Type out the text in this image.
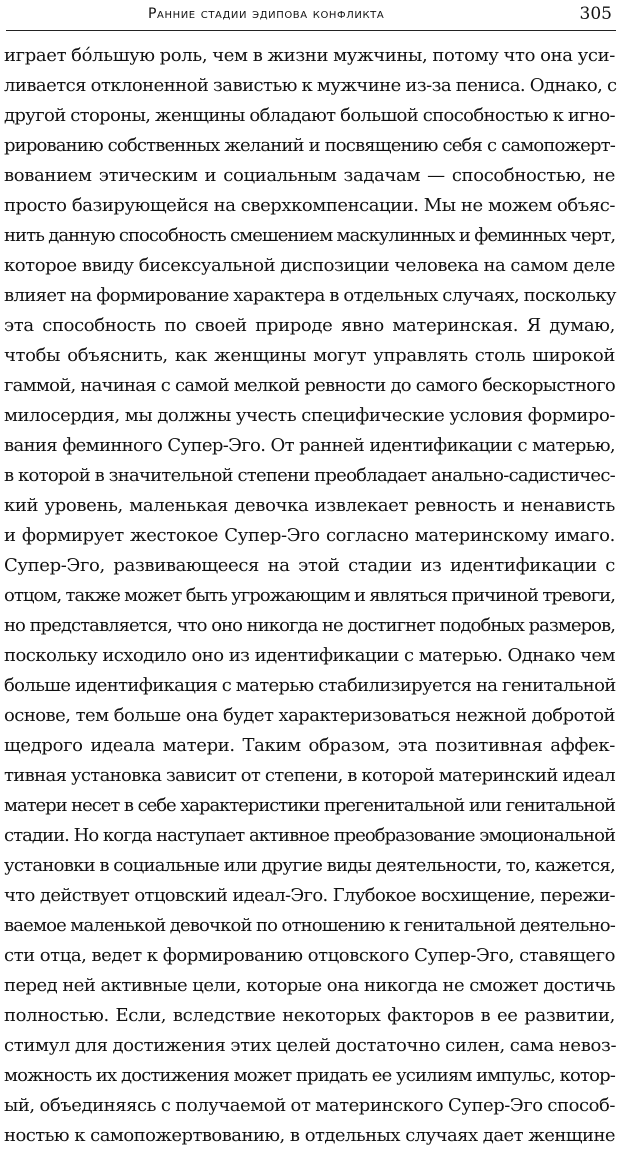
Ранние стадии эдипова конфликта	305
играет бóльшую роль, чем в жизни мужчины, потому что она уси-
ливается отклоненной завистью к мужчине из-за пениса. Однако, с
другой стороны, женщины обладают большой способностью к игно-
рированию собственных желаний и посвящению себя с самопожерт-
вованием этическим и социальным задачам — способностью, не
просто базирующейся на сверхкомпенсации. Мы не можем объяс-
нить данную способность смешением маскулинных и феминных черт,
которое ввиду бисексуальной диспозиции человека на самом деле
влияет на формирование характера в отдельных случаях, поскольку
эта способность по своей природе явно материнская. Я думаю,
чтобы объяснить, как женщины могут управлять столь широкой
гаммой, начиная с самой мелкой ревности до самого бескорыстного
милосердия, мы должны учесть специфические условия формиро-
вания феминного Супер-Эго. От ранней идентификации с матерью,
в которой в значительной степени преобладает анально-садистичес-
кий уровень, маленькая девочка извлекает ревность и ненависть
и формирует жестокое Супер-Эго согласно материнскому имаго.
Супер-Эго, развивающееся на этой стадии из идентификации с
отцом, также может быть угрожающим и являться причиной тревоги,
но представляется, что оно никогда не достигнет подобных размеров,
поскольку исходило оно из идентификации с матерью. Однако чем
больше идентификация с матерью стабилизируется на генитальной
основе, тем больше она будет характеризоваться нежной добротой
щедрого идеала матери. Таким образом, эта позитивная аффек-
тивная установка зависит от степени, в которой материнский идеал
матери несет в себе характеристики прегенитальной или генитальной
стадии. Но когда наступает активное преобразование эмоциональной
установки в социальные или другие виды деятельности, то, кажется,
что действует отцовский идеал-Эго. Глубокое восхищение, пережи-
ваемое маленькой девочкой по отношению к генитальной деятельно-
сти отца, ведет к формированию отцовского Супер-Эго, ставящего
перед ней активные цели, которые она никогда не сможет достичь
полностью. Если, вследствие некоторых факторов в ее развитии,
стимул для достижения этих целей достаточно силен, сама невоз-
можность их достижения может придать ее усилиям импульс, котор-
ый, объединяясь с получаемой от материнского Супер-Эго способ-
ностью к самопожертвованию, в отдельных случаях дает женщине
